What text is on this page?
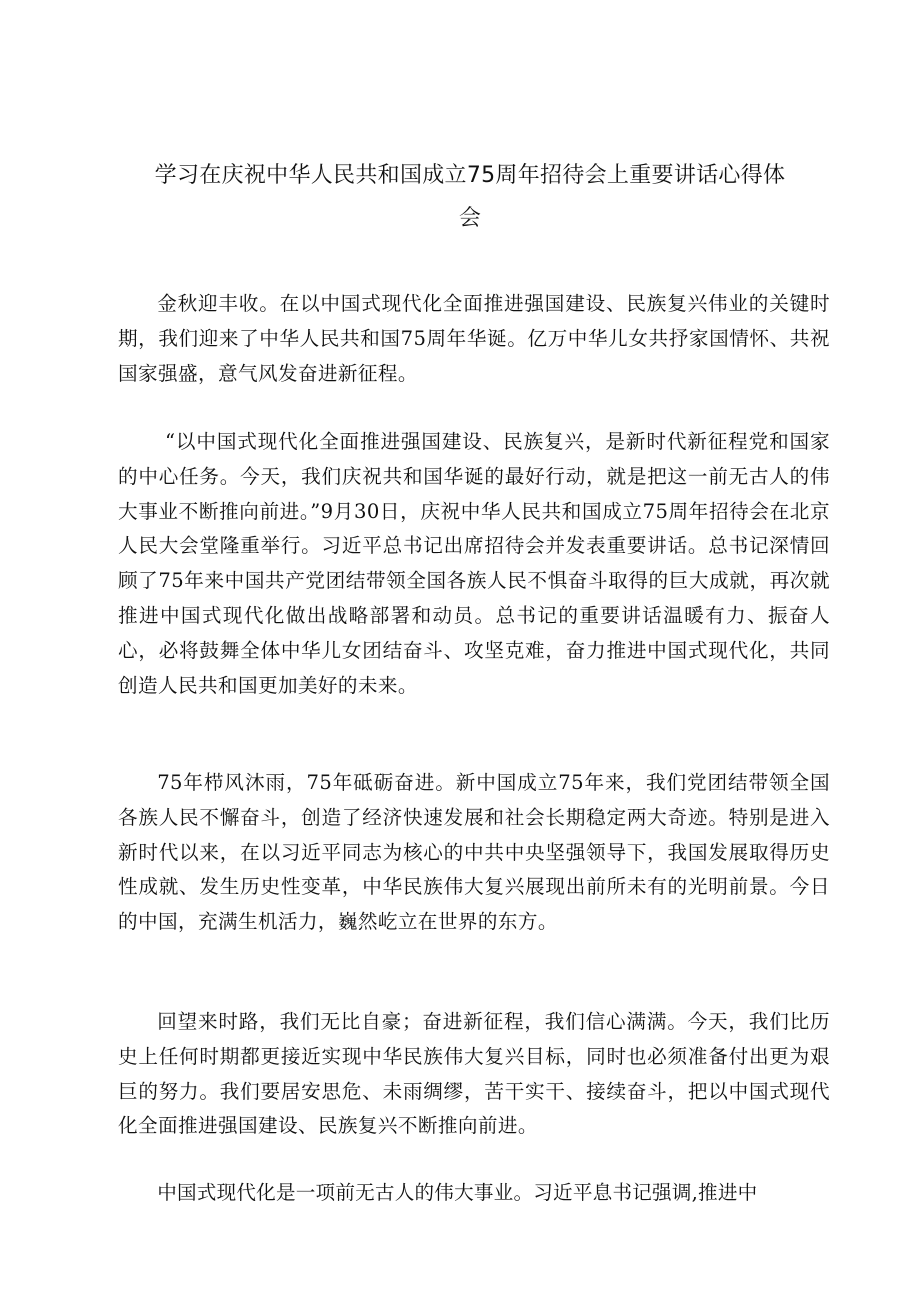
学习在庆祝中华人民共和国成立75周年招待会上重要讲话心得体
会

金秋迎丰收。在以中国式现代化全面推进强国建设、民族复兴伟业的关键时期，我们迎来了中华人民共和国75周年华诞。亿万中华儿女共抒家国情怀、共祝国家强盛，意气风发奋进新征程。

“以中国式现代化全面推进强国建设、民族复兴，是新时代新征程党和国家的中心任务。今天，我们庆祝共和国华诞的最好行动，就是把这一前无古人的伟大事业不断推向前进。”9月30日，庆祝中华人民共和国成立75周年招待会在北京人民大会堂隆重举行。习近平总书记出席招待会并发表重要讲话。总书记深情回顾了75年来中国共产党团结带领全国各族人民不惧奋斗取得的巨大成就，再次就推进中国式现代化做出战略部署和动员。总书记的重要讲话温暖有力、振奋人心，必将鼓舞全体中华儿女团结奋斗、攻坚克难，奋力推进中国式现代化，共同创造人民共和国更加美好的未来。

75年栉风沐雨，75年砥砺奋进。新中国成立75年来，我们党团结带领全国各族人民不懈奋斗，创造了经济快速发展和社会长期稳定两大奇迹。特别是进入新时代以来，在以习近平同志为核心的中共中央坚强领导下，我国发展取得历史性成就、发生历史性变革，中华民族伟大复兴展现出前所未有的光明前景。今日的中国，充满生机活力，巍然屹立在世界的东方。

回望来时路，我们无比自豪；奋进新征程，我们信心满满。今天，我们比历史上任何时期都更接近实现中华民族伟大复兴目标，同时也必须准备付出更为艰巨的努力。我们要居安思危、未雨绸缪，苦干实干、接续奋斗，把以中国式现代化全面推进强国建设、民族复兴不断推向前进。

中国式现代化是一项前无古人的伟大事业。习近平息书记强调,推进中
